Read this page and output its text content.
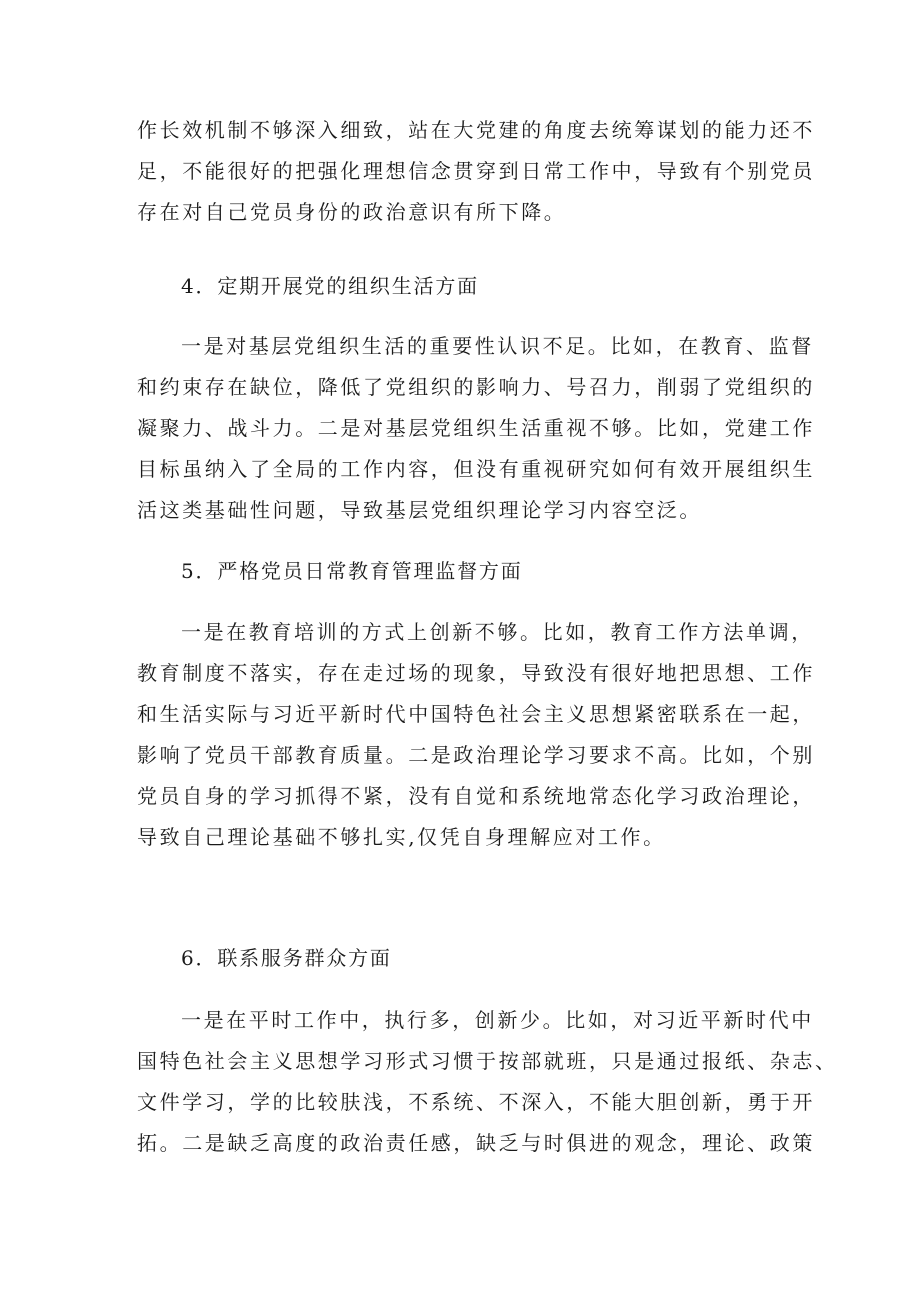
作长效机制不够深入细致，站在大党建的角度去统筹谋划的能力还不
足，不能很好的把强化理想信念贯穿到日常工作中，导致有个别党员
存在对自己党员身份的政治意识有所下降。
4．定期开展党的组织生活方面
一是对基层党组织生活的重要性认识不足。比如，在教育、监督
和约束存在缺位，降低了党组织的影响力、号召力，削弱了党组织的
凝聚力、战斗力。二是对基层党组织生活重视不够。比如，党建工作
目标虽纳入了全局的工作内容，但没有重视研究如何有效开展组织生
活这类基础性问题，导致基层党组织理论学习内容空泛。
5．严格党员日常教育管理监督方面
一是在教育培训的方式上创新不够。比如，教育工作方法单调，
教育制度不落实，存在走过场的现象，导致没有很好地把思想、工作
和生活实际与习近平新时代中国特色社会主义思想紧密联系在一起，
影响了党员干部教育质量。二是政治理论学习要求不高。比如，个别
党员自身的学习抓得不紧，没有自觉和系统地常态化学习政治理论，
导致自己理论基础不够扎实,仅凭自身理解应对工作。
6．联系服务群众方面
一是在平时工作中，执行多，创新少。比如，对习近平新时代中
国特色社会主义思想学习形式习惯于按部就班，只是通过报纸、杂志、
文件学习，学的比较肤浅，不系统、不深入，不能大胆创新，勇于开
拓。二是缺乏高度的政治责任感，缺乏与时俱进的观念，理论、政策
